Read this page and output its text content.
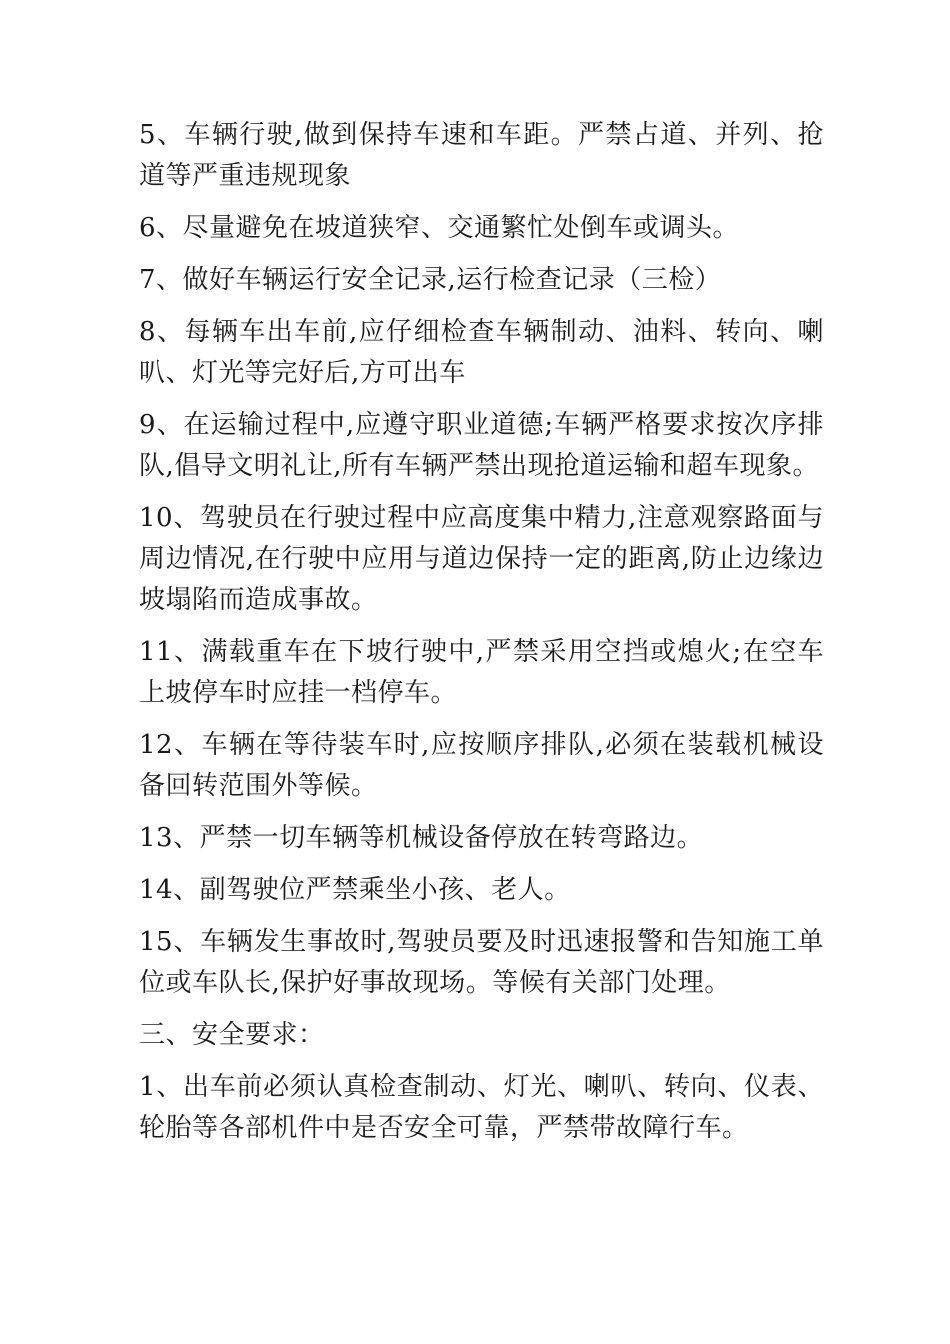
5、车辆行驶,做到保持车速和车距。严禁占道、并列、抢道等严重违规现象

6、尽量避免在坡道狭窄、交通繁忙处倒车或调头。

7、做好车辆运行安全记录,运行检查记录（三检）

8、每辆车出车前,应仔细检查车辆制动、油料、转向、喇叭、灯光等完好后,方可出车

9、在运输过程中,应遵守职业道德;车辆严格要求按次序排队,倡导文明礼让,所有车辆严禁出现抢道运输和超车现象。

10、驾驶员在行驶过程中应高度集中精力,注意观察路面与周边情况,在行驶中应用与道边保持一定的距离,防止边缘边坡塌陷而造成事故。

11、满载重车在下坡行驶中,严禁采用空挡或熄火;在空车上坡停车时应挂一档停车。

12、车辆在等待装车时,应按顺序排队,必须在装载机械设备回转范围外等候。

13、严禁一切车辆等机械设备停放在转弯路边。

14、副驾驶位严禁乘坐小孩、老人。

15、车辆发生事故时,驾驶员要及时迅速报警和告知施工单位或车队长,保护好事故现场。等候有关部门处理。

三、安全要求：

1、出车前必须认真检查制动、灯光、喇叭、转向、仪表、轮胎等各部机件中是否安全可靠，严禁带故障行车。
